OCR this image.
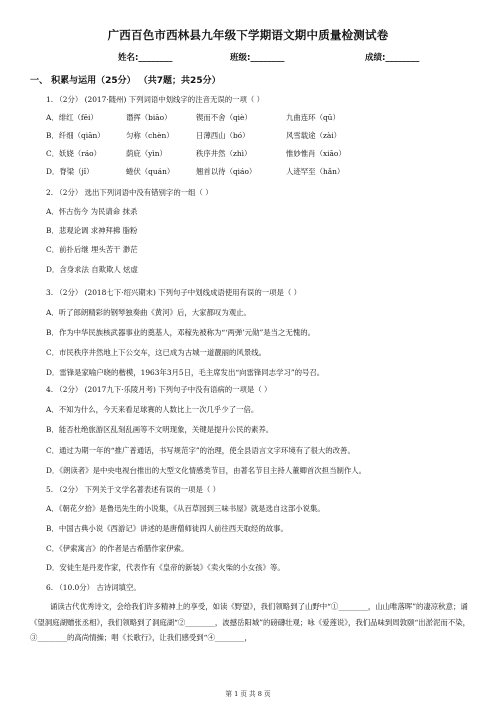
广西百色市西林县九年级下学期语文期中质量检测试卷
姓名:________	班级:________	成绩:________
一、 积累与运用（25分） （共7题；共25分）
1. （2分） (2017·随州) 下列词语中划线字的注音无误的一项（ ）
A．绯红（fēi）	谮挥（biāo）	锲而不舍（qiè）	九曲连环（qū）
B．纤细（qiān）	匀称（chèn）	日薄西山（bó）	风雪载途（zài）
C．妖娆（ráo）	荫庇（yìn）	秩序井然（zhì）	惟妙惟肖（xiāo）
D．脊梁（jǐ）	蜷伏（quán）	翘首以待（qiáo）	人迹罕至（hǎn）
2. （2分） 选出下列词语中没有错别字的一组（ ）
A．怀古伤今 为民请命 抹杀
B．悲观论调 求神拜拂 脂粉
C．前扑后继 埋头苦干 渺茫
D．含身求法 自欺欺人 炫虚
3. （2分） (2018七下·绍兴期末) 下列句子中划线成语使用有误的一项是（ ）
A．听了郎朗精彩的钢琴独奏曲《黄河》后，大家都叹为观止。
B．作为中华民族核武器事业的奠基人，邓稼先被称为“‘两弹’元勋”是当之无愧的。
C．市民秩序井然地上下公交车，这已成为古城一道靓丽的风景线。
D．雷锋是家喻户晓的楷模，1963年3月5日，毛主席发出“向雷锋同志学习”的号召。
4. （2分） (2017九下·乐陵月考) 下列句子中没有语病的一项是（ ）
A．不知为什么，今天来看足球赛的人数比上一次几乎少了一倍。
B．能否杜绝旅游区乱刻乱画等不文明现象，关键是提升公民的素养。
C．通过为期一年的“推广普通话，书写规范字”的治理，使全县语言文字环境有了很大的改善。
D．《朗读者》是中央电视台推出的大型文化情感类节目，由著名节目主持人董卿首次担当制作人。
5. （2分） 下列关于文学名著表述有误的一项是（ ）
A．《朝花夕拾》是鲁迅先生的小说集，《从百草园到三味书屋》就是选自这部小说集。
B．中国古典小说《西游记》讲述的是唐僧师徒四人前往西天取经的故事。
C．《伊索寓言》的作者是古希腊作家伊索。
D．安徒生是丹麦作家，代表作有《皇帝的新装》《卖火柴的小女孩》等。
6. （10.0分） 古诗词填空。
诵读古代优秀诗文，会给我们许多精神上的享受，如读《野望》，我们领略到了山野中“①________，山山唯落晖”的凄凉秋意；诵《望洞庭湖赠张丞相》，我们领略到了洞庭湖“②________，波撼岳阳城”的磅礴壮观；咏《爱莲说》，我们品味到周敦颐“出淤泥而不染，③________的高尚情操；唱《长歌行》，让我们感受到“④________，
第 1 页 共 8 页
